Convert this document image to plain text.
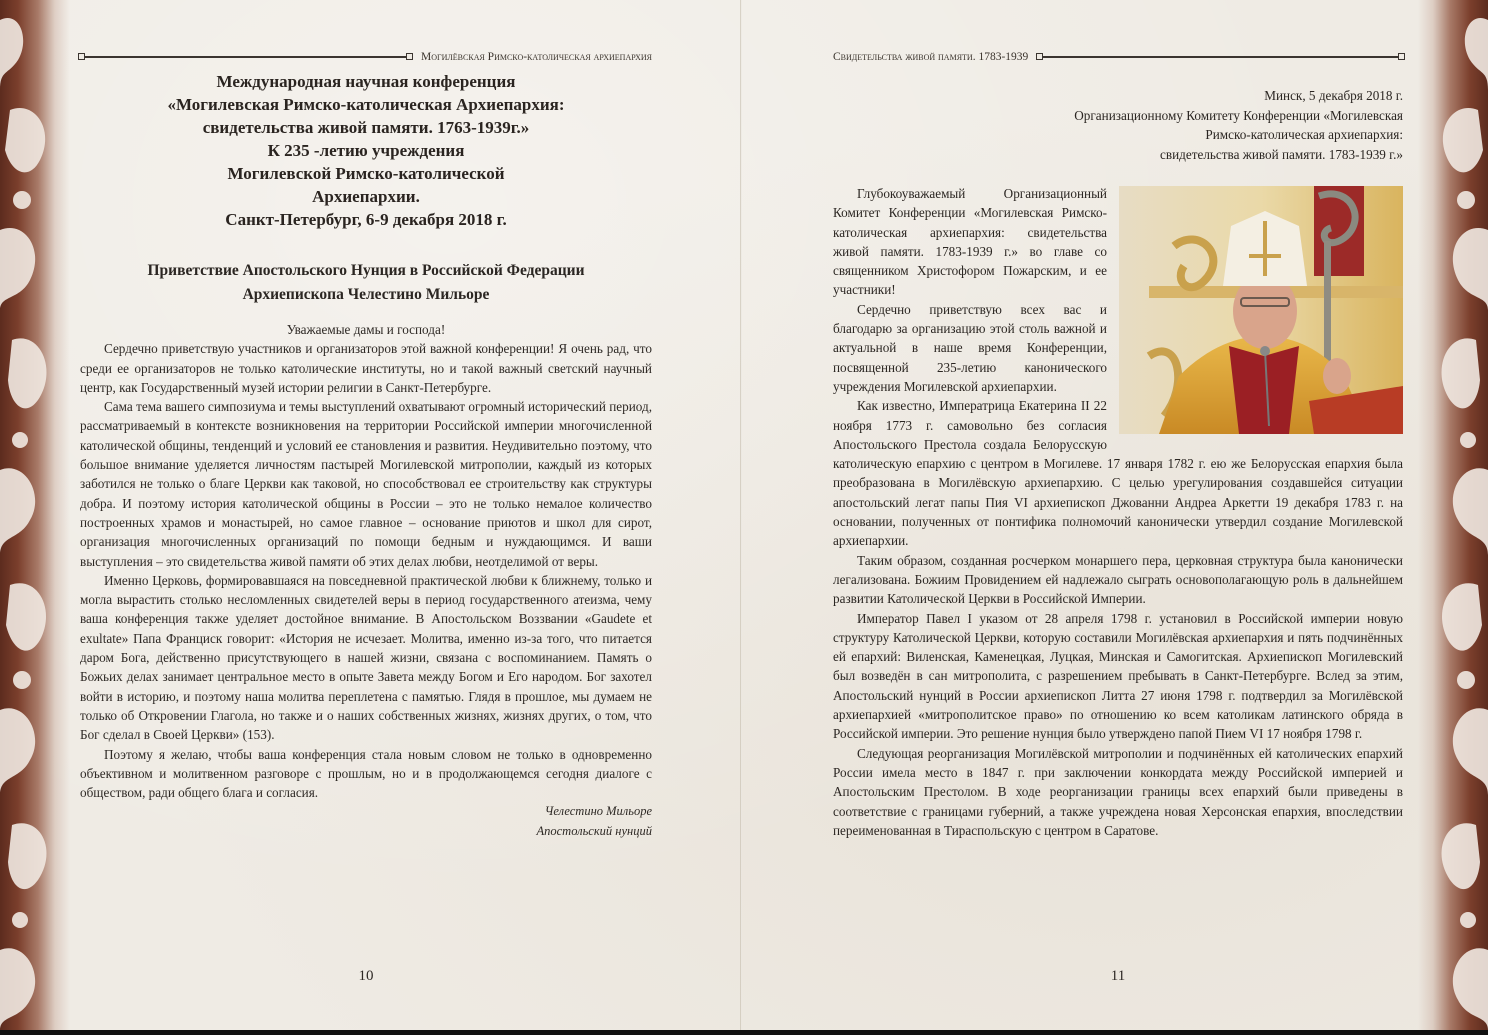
Могилёвская Римско-католическая архиепархия
Международная научная конференция
«Могилевская Римско-католическая Архиепархия:
свидетельства живой памяти. 1763-1939г.»
К 235 -летию учреждения
Могилевской Римско-католической
Архиепархии.
Санкт-Петербург, 6-9 декабря 2018 г.
Приветствие Апостольского Нунция в Российской Федерации
Архиепископа Челестино Мильоре

Уважаемые дамы и господа!

Сердечно приветствую участников и организаторов этой важной конференции! Я очень рад, что среди ее организаторов не только католические институты, но и такой важный светский научный центр, как Государственный музей истории религии в Санкт-Петербурге.

Сама тема вашего симпозиума и темы выступлений охватывают огромный исторический период, рассматриваемый в контексте возникновения на территории Российской империи многочисленной католической общины, тенденций и условий ее становления и развития. Неудивительно поэтому, что большое внимание уделяется личностям пастырей Могилевской митрополии, каждый из которых заботился не только о благе Церкви как таковой, но способствовал ее строительству как структуры добра. И поэтому история католической общины в России – это не только немалое количество построенных храмов и монастырей, но самое главное – основание приютов и школ для сирот, организация многочисленных организаций по помощи бедным и нуждающимся. И ваши выступления – это свидетельства живой памяти об этих делах любви, неотделимой от веры.

Именно Церковь, формировавшаяся на повседневной практической любви к ближнему, только и могла вырастить столько несломленных свидетелей веры в период государственного атеизма, чему ваша конференция также уделяет достойное внимание. В Апостольском Воззвании «Gaudete et exultate» Папа Франциск говорит: «История не исчезает. Молитва, именно из-за того, что питается даром Бога, действенно присутствующего в нашей жизни, связана с воспоминанием. Память о Божьих делах занимает центральное место в опыте Завета между Богом и Его народом. Бог захотел войти в историю, и поэтому наша молитва переплетена с памятью. Глядя в прошлое, мы думаем не только об Откровении Глагола, но также и о наших собственных жизнях, жизнях других, о том, что Бог сделал в Своей Церкви» (153).

Поэтому я желаю, чтобы ваша конференция стала новым словом не только в одновременно объективном и молитвенном разговоре с прошлым, но и в продолжающемся сегодня диалоге с обществом, ради общего блага и согласия.

Челестино Мильоре

Апостольский нунций

10
Свидетельства живой памяти. 1783-1939
Минск, 5 декабря 2018 г.
Организационному Комитету Конференции «Могилевская
Римско-католическая архиепархия:
свидетельства живой памяти. 1783-1939 г.»

Глубокоуважаемый Организационный Комитет Конференции «Могилевская Римско-католическая архиепархия: свидетельства живой памяти. 1783-1939 г.» во главе со священником Христофором Пожарским, и ее участники!

Сердечно приветствую всех вас и благодарю за организацию этой столь важной и актуальной в наше время Конференции, посвященной 235-летию канонического учреждения Могилевской архиепархии.

Как известно, Императрица Екатерина II 22 ноября 1773 г. самовольно без согласия Апостольского Престола создала Белорусскую католическую епархию с центром в Могилеве. 17 января 1782 г. ею же Белорусская епархия была преобразована в Могилёвскую архиепархию. С целью урегулирования создавшейся ситуации апостольский легат папы Пия VI архиепископ Джованни Андреа Аркетти 19 декабря 1783 г. на основании, полученных от понтифика полномочий канонически утвердил создание Могилевской архиепархии.

Таким образом, созданная росчерком монаршего пера, церковная структура была канонически легализована. Божиим Провидением ей надлежало сыграть основополагающую роль в дальнейшем развитии Католической Церкви в Российской Империи.

Император Павел I указом от 28 апреля 1798 г. установил в Российской империи новую структуру Католической Церкви, которую составили Могилёвская архиепархия и пять подчинённых ей епархий: Виленская, Каменецкая, Луцкая, Минская и Самогитская. Архиепископ Могилевский был возведён в сан митрополита, с разрешением пребывать в Санкт-Петербурге. Вслед за этим, Апостольский нунций в России архиепископ Литта 27 июня 1798 г. подтвердил за Могилёвской архиепархией «митрополитское право» по отношению ко всем католикам латинского обряда в Российской империи. Это решение нунция было утверждено папой Пием VI 17 ноября 1798 г.

Следующая реорганизация Могилёвской митрополии и подчинённых ей католических епархий России имела место в 1847 г. при заключении конкордата между Российской империей и Апостольским Престолом. В ходе реорганизации границы всех епархий были приведены в соответствие с границами губерний, а также учреждена новая Херсонская епархия, впоследствии переименованная в Тираспольскую с центром в Саратове.

11
